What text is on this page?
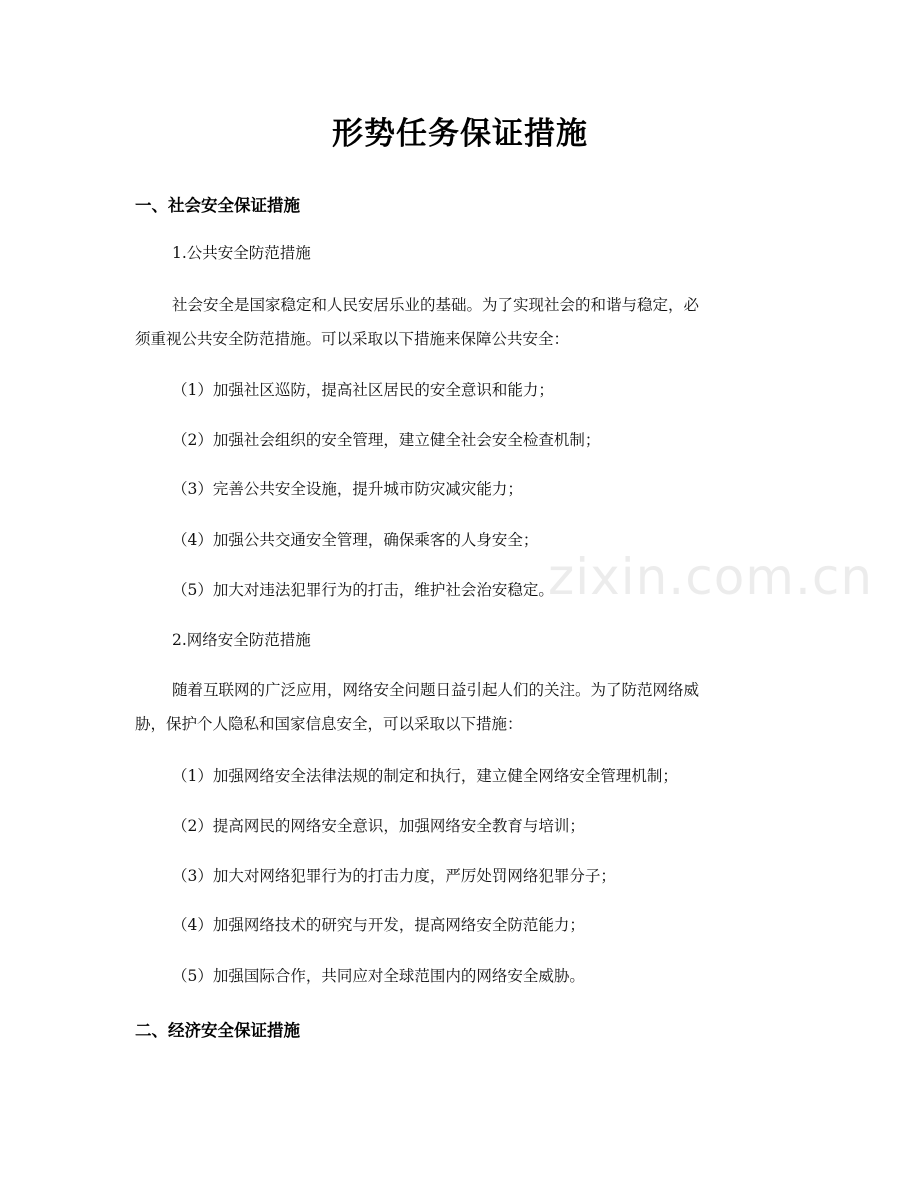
形势任务保证措施
一、社会安全保证措施
1.公共安全防范措施
社会安全是国家稳定和人民安居乐业的基础。为了实现社会的和谐与稳定，必
须重视公共安全防范措施。可以采取以下措施来保障公共安全：
（1）加强社区巡防，提高社区居民的安全意识和能力；
（2）加强社会组织的安全管理，建立健全社会安全检查机制；
（3）完善公共安全设施，提升城市防灾减灾能力；
（4）加强公共交通安全管理，确保乘客的人身安全；
（5）加大对违法犯罪行为的打击，维护社会治安稳定。
2.网络安全防范措施
随着互联网的广泛应用，网络安全问题日益引起人们的关注。为了防范网络威
胁，保护个人隐私和国家信息安全，可以采取以下措施：
（1）加强网络安全法律法规的制定和执行，建立健全网络安全管理机制；
（2）提高网民的网络安全意识，加强网络安全教育与培训；
（3）加大对网络犯罪行为的打击力度，严厉处罚网络犯罪分子；
（4）加强网络技术的研究与开发，提高网络安全防范能力；
（5）加强国际合作，共同应对全球范围内的网络安全威胁。
二、经济安全保证措施
zixin.com.cn
